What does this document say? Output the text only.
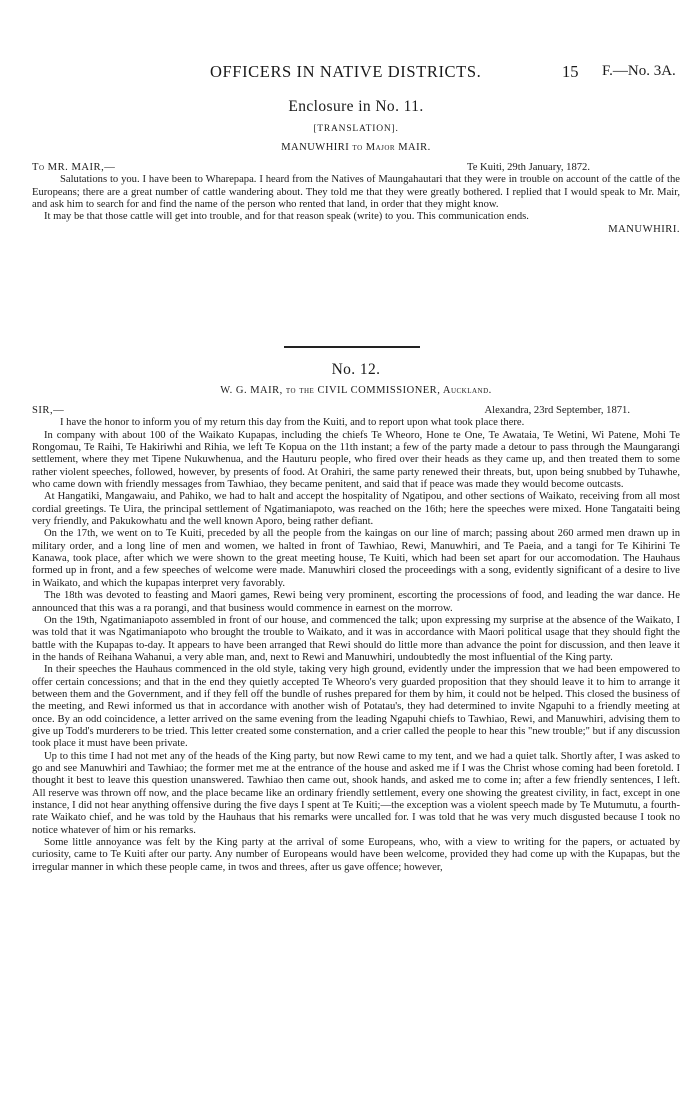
OFFICERS IN NATIVE DISTRICTS.	15 F.—No. 3A.
Enclosure in No. 11.
[TRANSLATION].
MANUWHIRI to Major MAIR.
To MR. MAIR,—	Te Kuiti, 29th January, 1872.

Salutations to you. I have been to Wharepapa. I heard from the Natives of Maungahautari that they were in trouble on account of the cattle of the Europeans; there are a great number of cattle wandering about. They told me that they were greatly bothered. I replied that I would speak to Mr. Mair, and ask him to search for and find the name of the person who rented that land, in order that they might know.

It may be that those cattle will get into trouble, and for that reason speak (write) to you. This communication ends.

MANUWHIRI.
No. 12.
W. G. MAIR, to the CIVIL COMMISSIONER, Auckland.
SIR,—	Alexandra, 23rd September, 1871.

I have the honor to inform you of my return this day from the Kuiti, and to report upon what took place there.

In company with about 100 of the Waikato Kupapas, including the chiefs Te Wheoro, Hone te One, Te Awataia, Te Wetini, Wi Patene, Mohi Te Rongomau, Te Raihi, Te Hakiriwhi and Rihia, we left Te Kopua on the 11th instant; a few of the party made a detour to pass through the Maungarangi settlement, where they met Tipene Nukuwhenua, and the Hauturu people, who fired over their heads as they came up, and then treated them to some rather violent speeches, followed, however, by presents of food. At Orahiri, the same party renewed their threats, but, upon being snubbed by Tuhawhe, who came down with friendly messages from Tawhiao, they became penitent, and said that if peace was made they would become outcasts.

At Hangatiki, Mangawaiu, and Pahiko, we had to halt and accept the hospitality of Ngatipou, and other sections of Waikato, receiving from all most cordial greetings. Te Uira, the principal settlement of Ngatimaniapoto, was reached on the 16th; here the speeches were mixed. Hone Tangataiti being very friendly, and Pakukowhatu and the well known Aporo, being rather defiant.

On the 17th, we went on to Te Kuiti, preceded by all the people from the kaingas on our line of march; passing about 260 armed men drawn up in military order, and a long line of men and women, we halted in front of Tawhiao, Rewi, Manuwhiri, and Te Paeia, and a tangi for Te Kihirini Te Kanawa, took place, after which we were shown to the great meeting house, Te Kuiti, which had been set apart for our accomodation. The Hauhaus formed up in front, and a few speeches of welcome were made. Manuwhiri closed the proceedings with a song, evidently significant of a desire to live in Waikato, and which the kupapas interpret very favorably.

The 18th was devoted to feasting and Maori games, Rewi being very prominent, escorting the processions of food, and leading the war dance. He announced that this was a ra porangi, and that business would commence in earnest on the morrow.

On the 19th, Ngatimaniapoto assembled in front of our house, and commenced the talk; upon expressing my surprise at the absence of the Waikato, I was told that it was Ngatimaniapoto who brought the trouble to Waikato, and it was in accordance with Maori political usage that they should fight the battle with the Kupapas to-day. It appears to have been arranged that Rewi should do little more than advance the point for discussion, and then leave it in the hands of Reihana Wahanui, a very able man, and, next to Rewi and Manuwhiri, undoubtedly the most influential of the King party.

In their speeches the Hauhaus commenced in the old style, taking very high ground, evidently under the impression that we had been empowered to offer certain concessions; and that in the end they quietly accepted Te Wheoro's very guarded proposition that they should leave it to him to arrange it between them and the Government, and if they fell off the bundle of rushes prepared for them by him, it could not be helped. This closed the business of the meeting, and Rewi informed us that in accordance with another wish of Potatau's, they had determined to invite Ngapuhi to a friendly meeting at once. By an odd coincidence, a letter arrived on the same evening from the leading Ngapuhi chiefs to Tawhiao, Rewi, and Manuwhiri, advising them to give up Todd's murderers to be tried. This letter created some consternation, and a crier called the people to hear this "new trouble;" but if any discussion took place it must have been private.

Up to this time I had not met any of the heads of the King party, but now Rewi came to my tent, and we had a quiet talk. Shortly after, I was asked to go and see Manuwhiri and Tawhiao; the former met me at the entrance of the house and asked me if I was the Christ whose coming had been foretold. I thought it best to leave this question unanswered. Tawhiao then came out, shook hands, and asked me to come in; after a few friendly sentences, I left. All reserve was thrown off now, and the place became like an ordinary friendly settlement, every one showing the greatest civility, in fact, except in one instance, I did not hear anything offensive during the five days I spent at Te Kuiti;—the exception was a violent speech made by Te Mutumutu, a fourth-rate Waikato chief, and he was told by the Hauhaus that his remarks were uncalled for. I was told that he was very much disgusted because I took no notice whatever of him or his remarks.

Some little annoyance was felt by the King party at the arrival of some Europeans, who, with a view to writing for the papers, or actuated by curiosity, came to Te Kuiti after our party. Any number of Europeans would have been welcome, provided they had come up with the Kupapas, but the irregular manner in which these people came, in twos and threes, after us gave offence; however,
